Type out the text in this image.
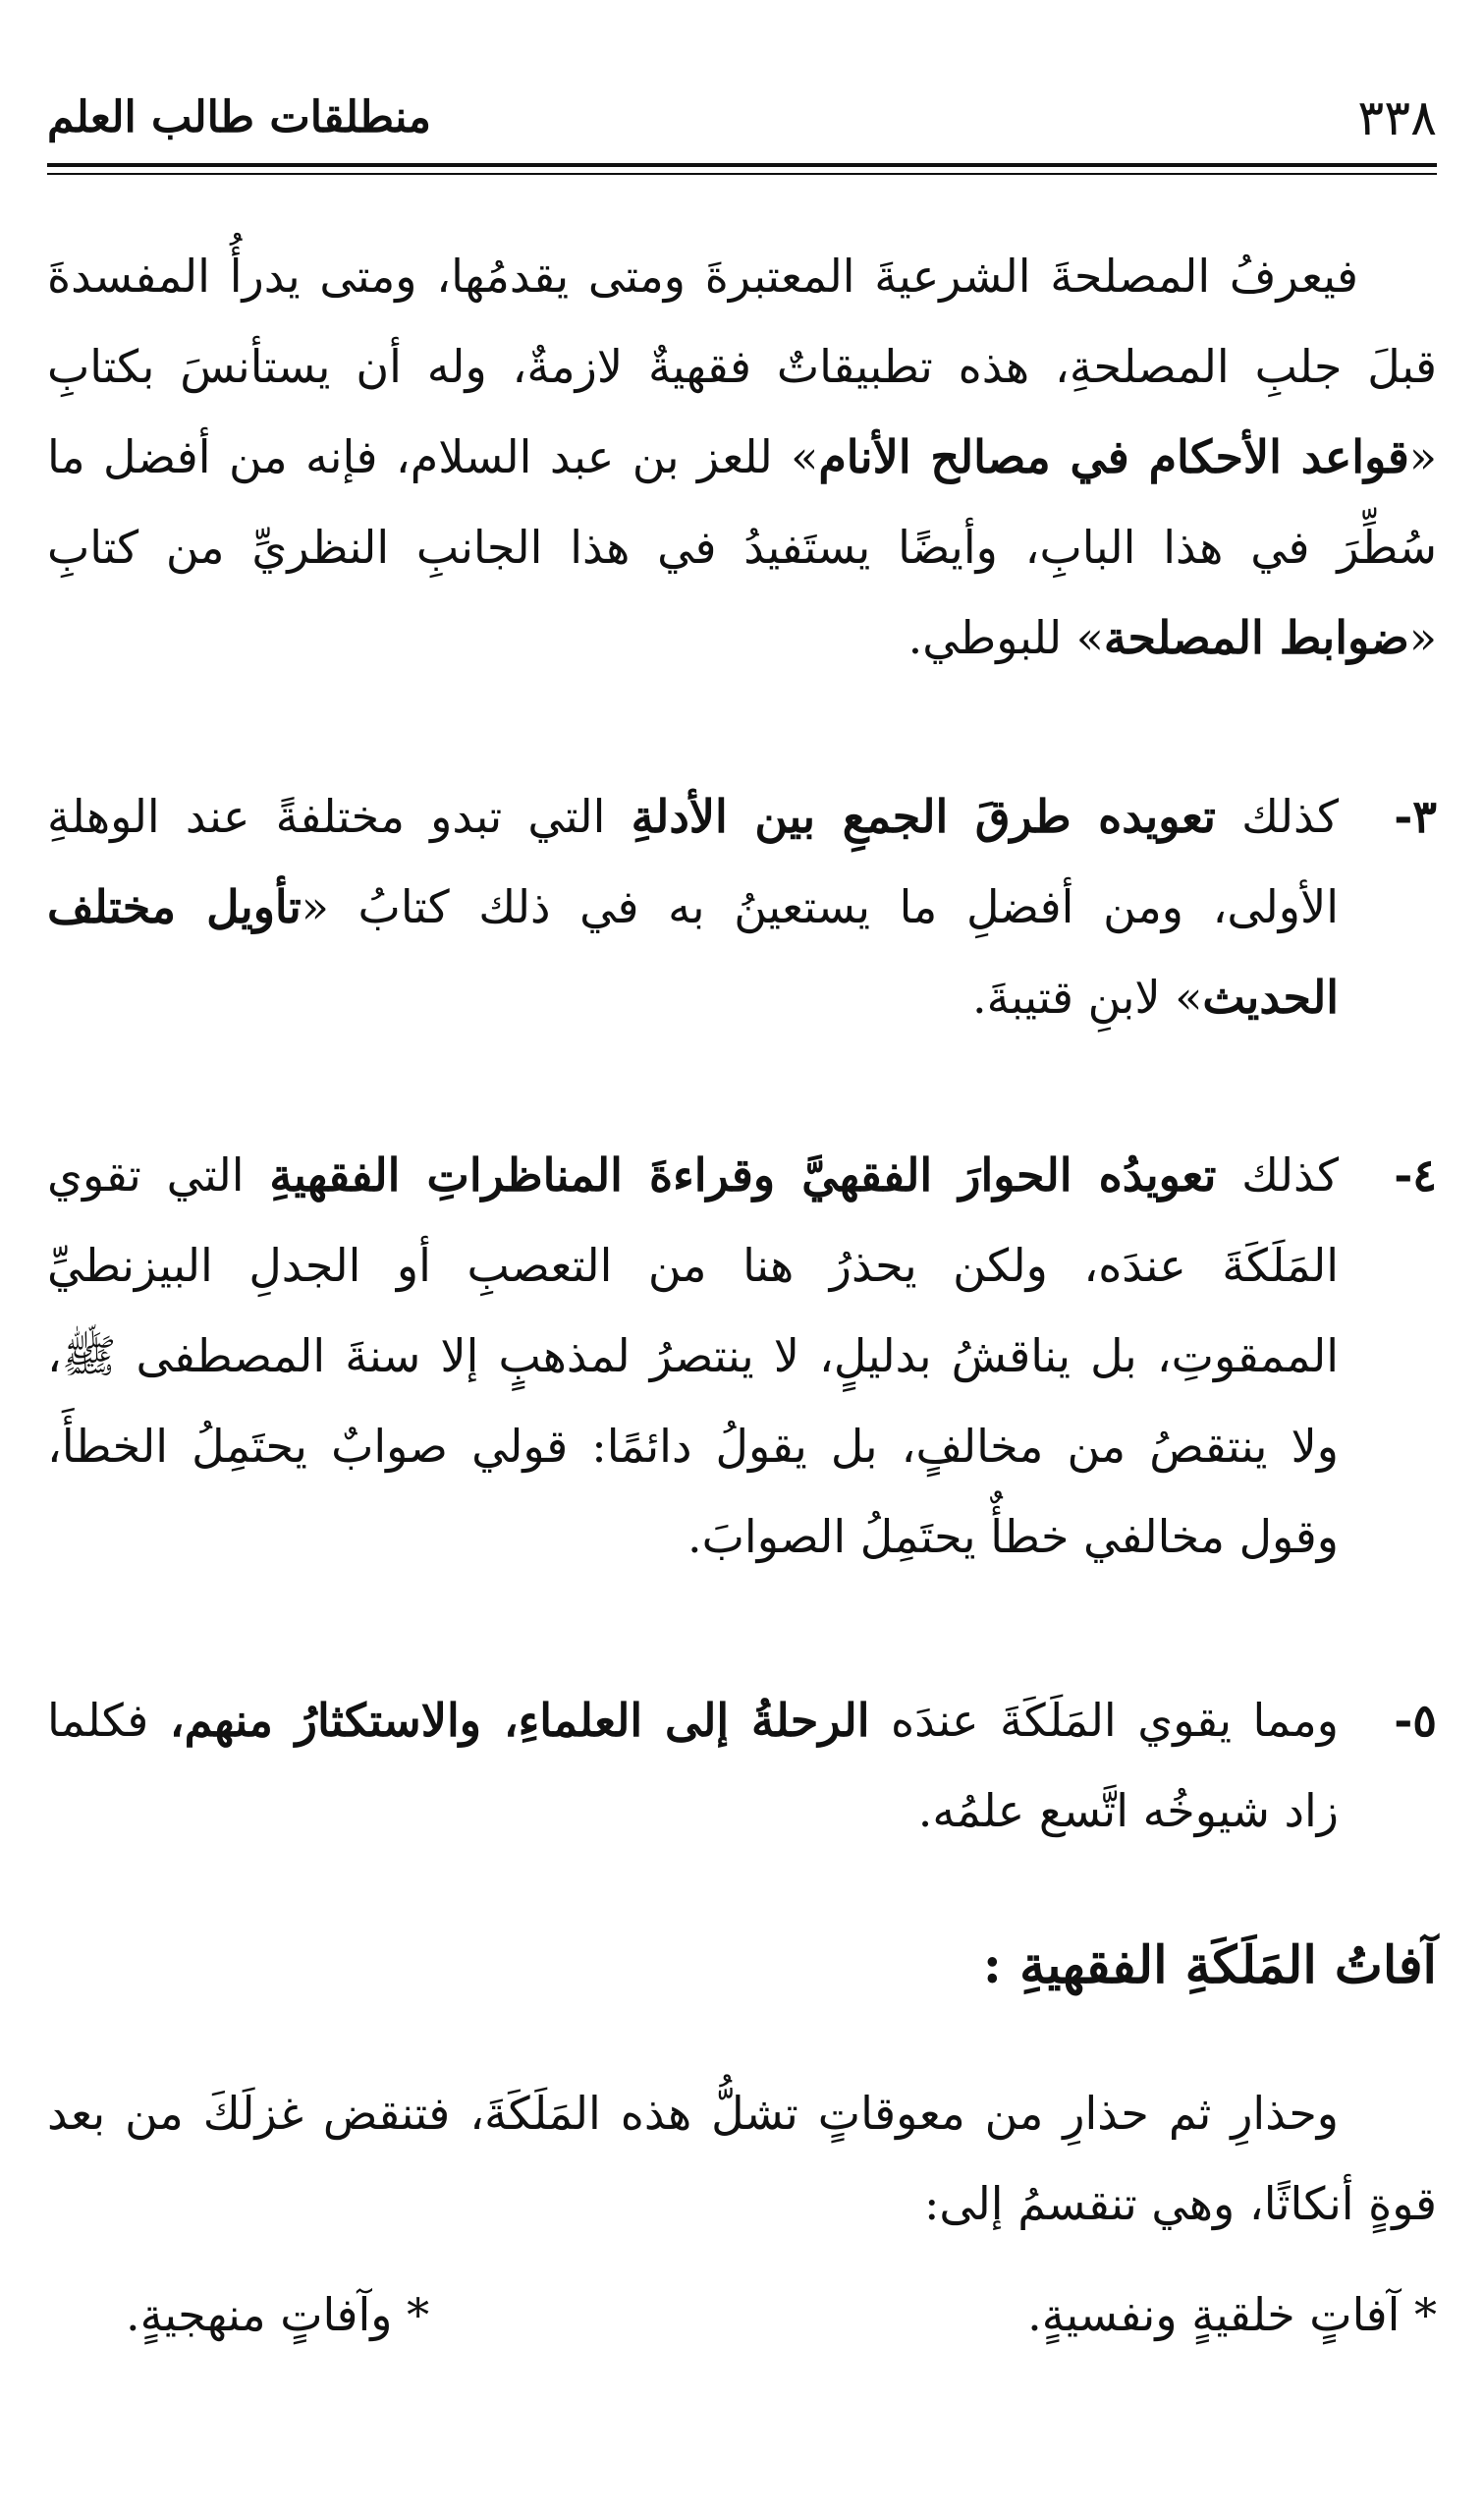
٣٣٨
منطلقات طالب العلم

فيعرفُ المصلحةَ الشرعيةَ المعتبرةَ ومتى يقدمُها، ومتى يدرأُ المفسدةَ قبلَ جلبِ المصلحةِ، هذه تطبيقاتٌ فقهيةٌ لازمةٌ، وله أن يستأنسَ بكتابِ «قواعد الأحكام في مصالح الأنام» للعز بن عبد السلام، فإنه من أفضل ما سُطِّرَ في هذا البابِ، وأيضًا يستَفيدُ في هذا الجانبِ النظريِّ من كتابِ «ضوابط المصلحة» للبوطي.

٣-
كذلك تعويده طرقَ الجمعِ بين الأدلةِ التي تبدو مختلفةً عند الوهلةِ الأولى، ومن أفضلِ ما يستعينُ به في ذلك كتابُ «تأويل مختلف الحديث» لابنِ قتيبةَ.
٤-
كذلك تعويدُه الحوارَ الفقهيَّ وقراءةَ المناظراتِ الفقهيةِ التي تقوي المَلَكَةَ عندَه، ولكن يحذرُ هنا من التعصبِ أو الجدلِ البيزنطيِّ الممقوتِ، بل يناقشُ بدليلٍ، لا ينتصرُ لمذهبٍ إلا سنةَ المصطفى ﷺ، ولا ينتقصُ من مخالفٍ، بل يقولُ دائمًا: قولي صوابٌ يحتَمِلُ الخطأَ، وقول مخالفي خطأٌ يحتَمِلُ الصوابَ.
٥-
ومما يقوي المَلَكَةَ عندَه الرحلةُ إلى العلماءِ، والاستكثارُ منهم، فكلما زاد شيوخُه اتَّسع علمُه.
آفاتُ المَلَكَةِ الفقهيةِ :

وحذارِ ثم حذارِ من معوقاتٍ تشلُّ هذه المَلَكَةَ، فتنقض غزلَكَ من بعد قوةٍ أنكاثًا، وهي تنقسمُ إلى:

* آفاتٍ خلقيةٍ ونفسيةٍ.
* وآفاتٍ منهجيةٍ.
